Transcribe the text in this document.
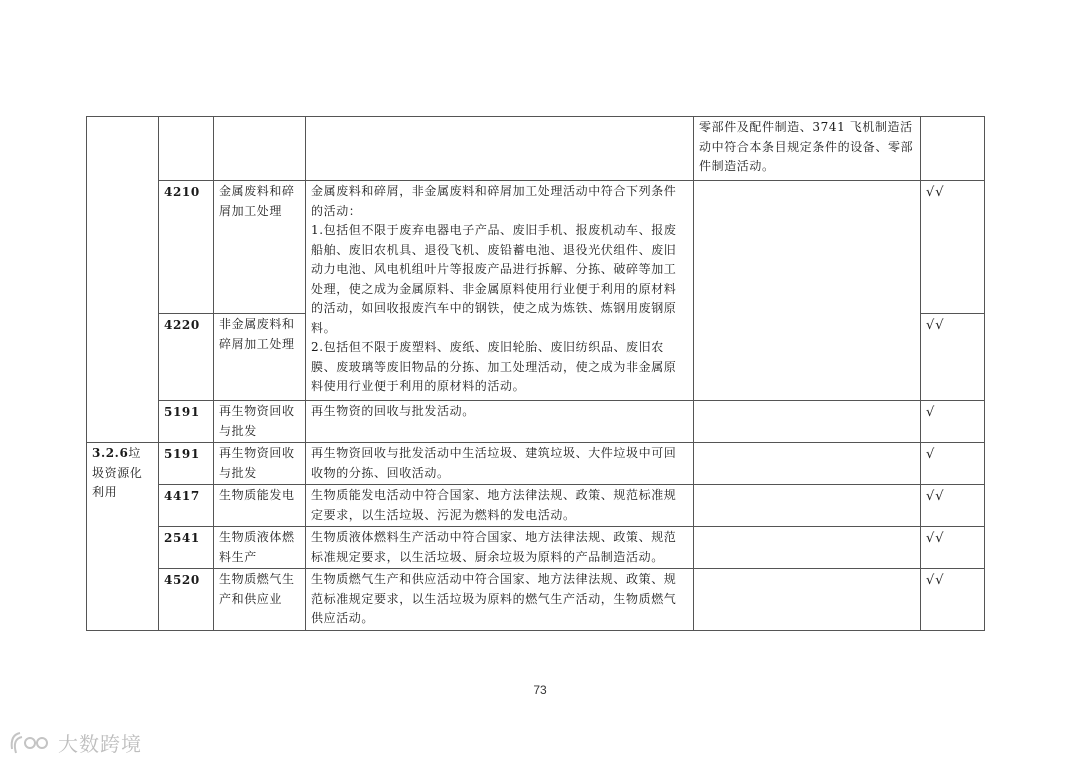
				零部件及配件制造、3741 飞机制造活动中符合本条目规定条件的设备、零部件制造活动。	
	4210	金属废料和碎屑加工处理	金属废料和碎屑，非金属废料和碎屑加工处理活动中符合下列条件的活动：
1.包括但不限于废弃电器电子产品、废旧手机、报废机动车、报废船舶、废旧农机具、退役飞机、废铅蓄电池、退役光伏组件、废旧动力电池、风电机组叶片等报废产品进行拆解、分拣、破碎等加工处理，使之成为金属原料、非金属原料使用行业便于利用的原材料的活动，如回收报废汽车中的钢铁，使之成为炼铁、炼钢用废钢原料。
2.包括但不限于废塑料、废纸、废旧轮胎、废旧纺织品、废旧农膜、废玻璃等废旧物品的分拣、加工处理活动，使之成为非金属原料使用行业便于利用的原材料的活动。		√√
	4220	非金属废料和碎屑加工处理			√√
	5191	再生物资回收与批发	再生物资的回收与批发活动。		√
3.2.6垃圾资源化利用	5191	再生物资回收与批发	再生物资回收与批发活动中生活垃圾、建筑垃圾、大件垃圾中可回收物的分拣、回收活动。		√
	4417	生物质能发电	生物质能发电活动中符合国家、地方法律法规、政策、规范标准规定要求，以生活垃圾、污泥为燃料的发电活动。		√√
	2541	生物质液体燃料生产	生物质液体燃料生产活动中符合国家、地方法律法规、政策、规范标准规定要求，以生活垃圾、厨余垃圾为原料的产品制造活动。		√√
	4520	生物质燃气生产和供应业	生物质燃气生产和供应活动中符合国家、地方法律法规、政策、规范标准规定要求，以生活垃圾为原料的燃气生产活动，生物质燃气供应活动。		√√
73
大数跨境
